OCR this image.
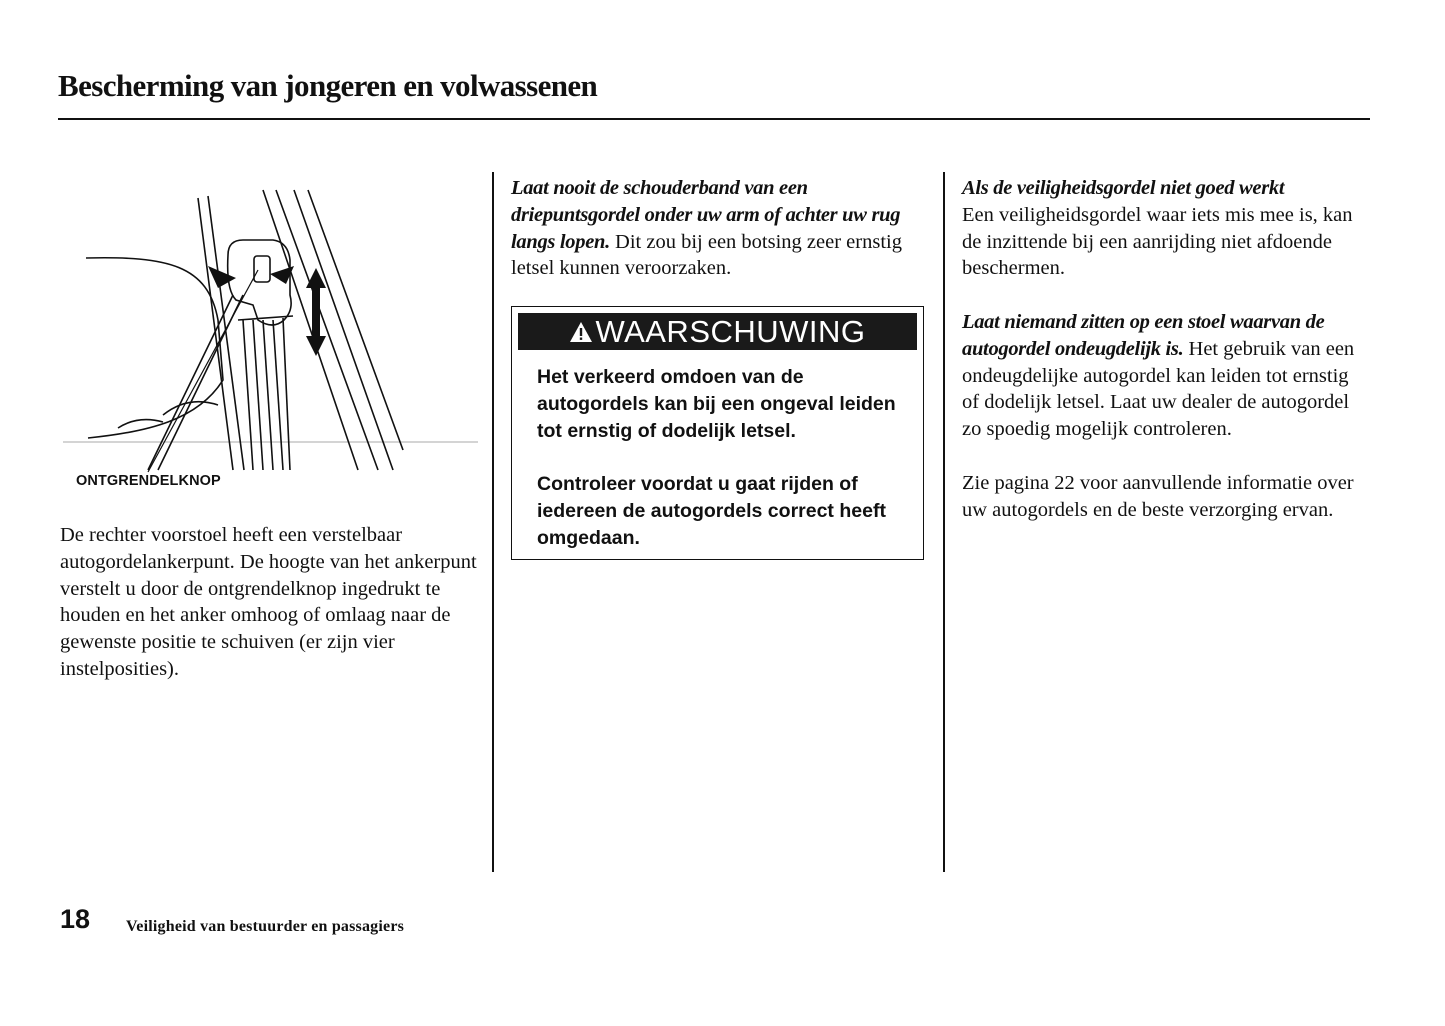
Bescherming van jongeren en volwassenen
ONTGRENDELKNOP

De rechter voorstoel heeft een verstelbaar autogordelankerpunt. De hoogte van het ankerpunt verstelt u door de ontgrendelknop ingedrukt te houden en het anker omhoog of omlaag naar de gewenste positie te schuiven (er zijn vier instelposities).

Laat nooit de schouderband van een driepuntsgordel onder uw arm of achter uw rug langs lopen. Dit zou bij een botsing zeer ernstig letsel kunnen veroorzaken.

WAARSCHUWING

Het verkeerd omdoen van de autogordels kan bij een ongeval leiden tot ernstig of dodelijk letsel.

Controleer voordat u gaat rijden of iedereen de autogordels correct heeft omgedaan.

Als de veiligheidsgordel niet goed werkt
Een veiligheidsgordel waar iets mis mee is, kan de inzittende bij een aanrijding niet afdoende beschermen.

Laat niemand zitten op een stoel waarvan de autogordel ondeugdelijk is. Het gebruik van een ondeugdelijke autogordel kan leiden tot ernstig of dodelijk letsel. Laat uw dealer de autogordel zo spoedig mogelijk controleren.

Zie pagina 22 voor aanvullende informatie over uw autogordels en de beste verzorging ervan.

18 Veiligheid van bestuurder en passagiers
